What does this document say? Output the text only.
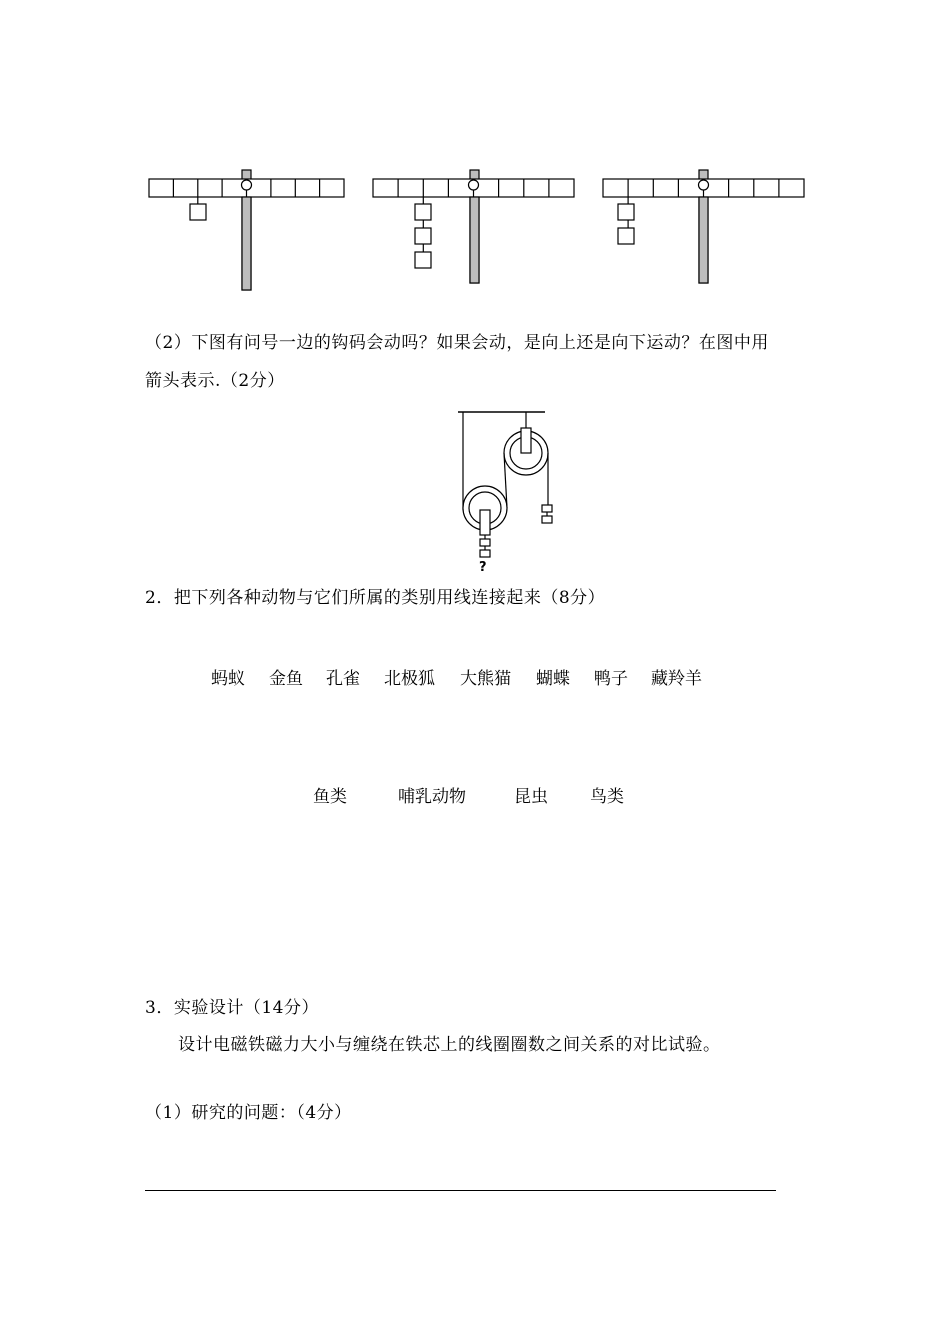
（2）下图有问号一边的钩码会动吗？如果会动，是向上还是向下运动？在图中用
箭头表示.（2分）
?
2．把下列各种动物与它们所属的类别用线连接起来（8分）
蚂蚁 金鱼 孔雀 北极狐 大熊猫 蝴蝶 鸭子 藏羚羊
鱼类	哺乳动物	昆虫 鸟类
3．实验设计（14分）
设计电磁铁磁力大小与缠绕在铁芯上的线圈圈数之间关系的对比试验。
（1）研究的问题：（4分）
